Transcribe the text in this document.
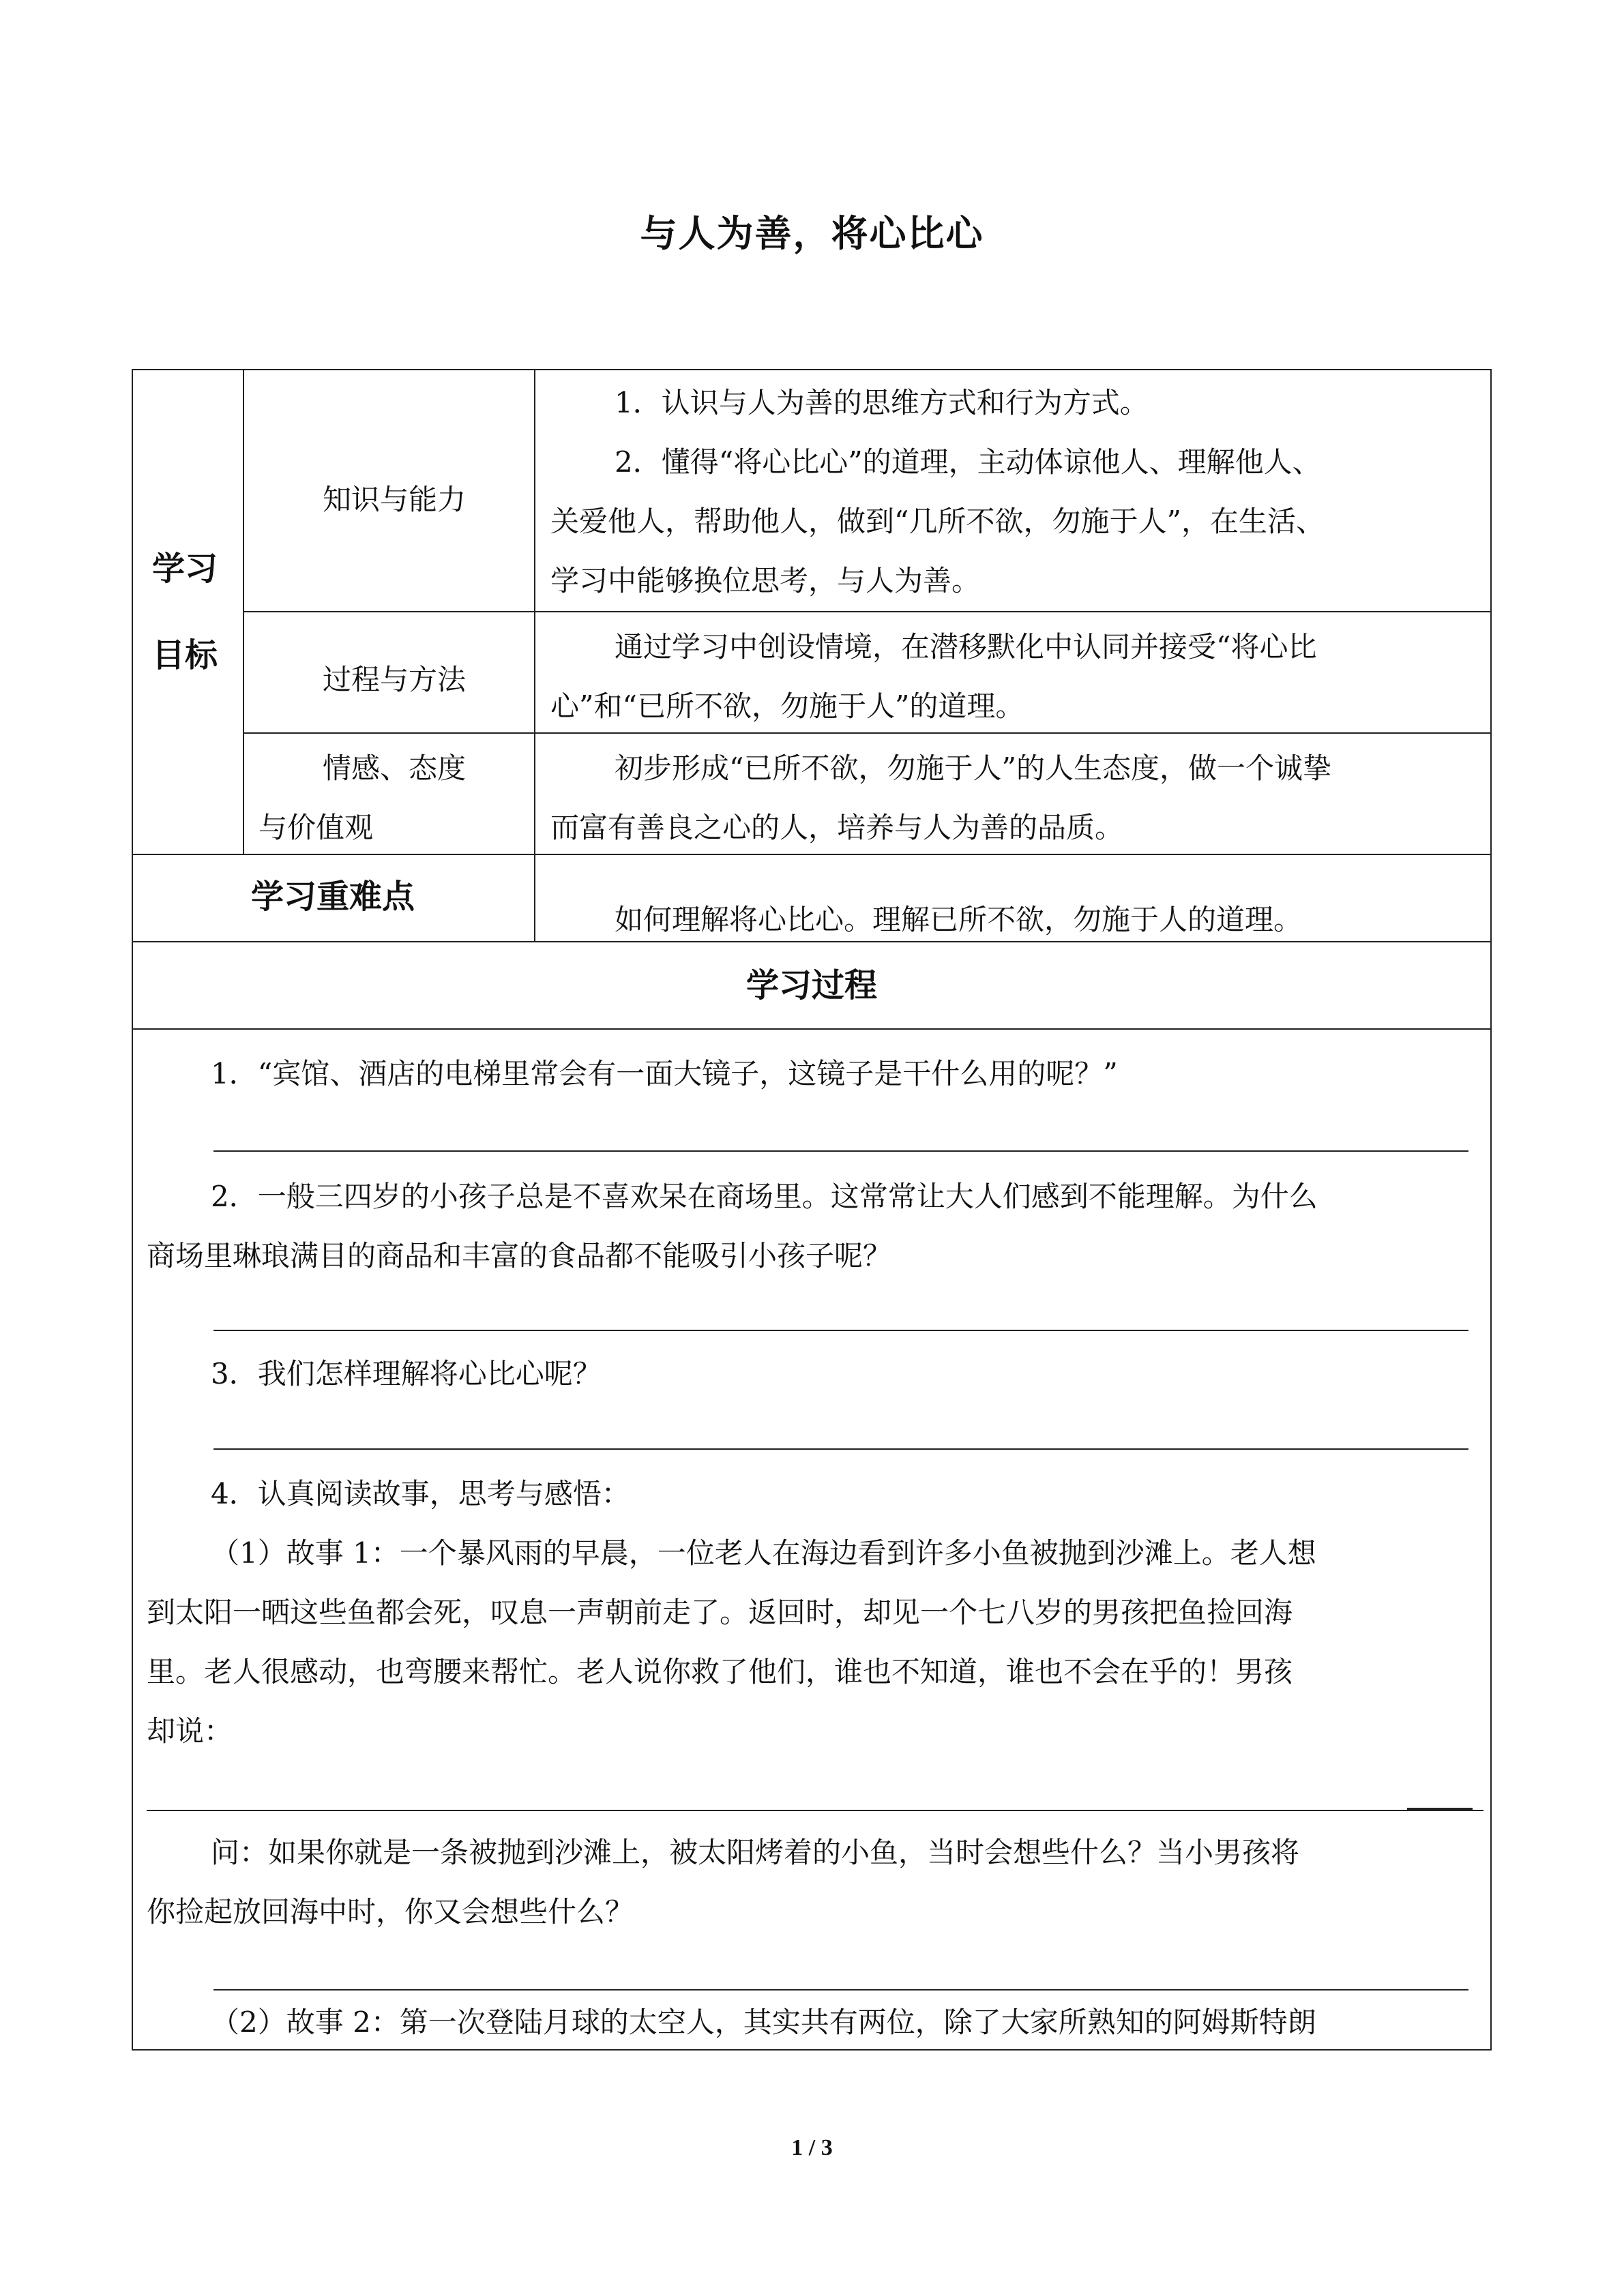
与人为善，将心比心
学习
目标
知识与能力
1．认识与人为善的思维方式和行为方式。
2．懂得“将心比心”的道理，主动体谅他人、理解他人、
关爱他人，帮助他人，做到“几所不欲，勿施于人”，在生活、
学习中能够换位思考，与人为善。
过程与方法
通过学习中创设情境，在潜移默化中认同并接受“将心比
心”和“已所不欲，勿施于人”的道理。
情感、态度
与价值观
初步形成“已所不欲，勿施于人”的人生态度，做一个诚挚
而富有善良之心的人，培养与人为善的品质。
学习重难点
如何理解将心比心。理解已所不欲，勿施于人的道理。
学习过程
1．“宾馆、酒店的电梯里常会有一面大镜子，这镜子是干什么用的呢？”
2．一般三四岁的小孩子总是不喜欢呆在商场里。这常常让大人们感到不能理解。为什么
商场里琳琅满目的商品和丰富的食品都不能吸引小孩子呢？
3．我们怎样理解将心比心呢？
4．认真阅读故事，思考与感悟：
（1）故事 1：一个暴风雨的早晨，一位老人在海边看到许多小鱼被抛到沙滩上。老人想
到太阳一晒这些鱼都会死，叹息一声朝前走了。返回时，却见一个七八岁的男孩把鱼捡回海
里。老人很感动，也弯腰来帮忙。老人说你救了他们，谁也不知道，谁也不会在乎的！男孩
却说：
问：如果你就是一条被抛到沙滩上，被太阳烤着的小鱼，当时会想些什么？当小男孩将
你捡起放回海中时，你又会想些什么？
（2）故事 2：第一次登陆月球的太空人，其实共有两位，除了大家所熟知的阿姆斯特朗
1 / 3
